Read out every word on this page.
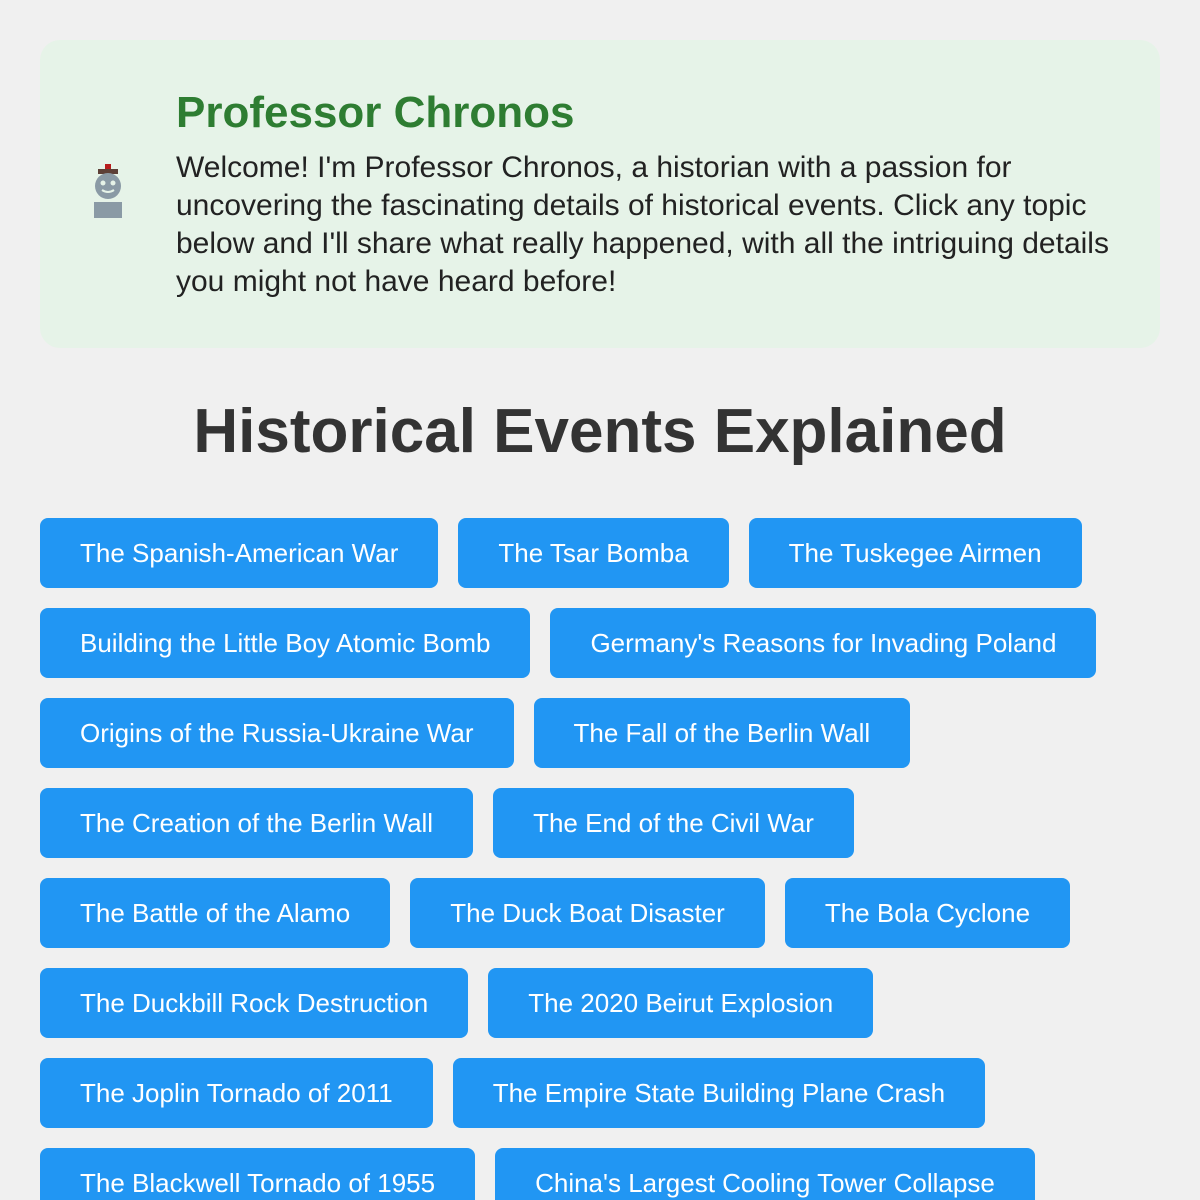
Professor Chronos

Welcome! I'm Professor Chronos, a historian with a passion for uncovering the fascinating details of historical events. Click any topic below and I'll share what really happened, with all the intriguing details you might not have heard before!

Historical Events Explained
The Spanish-American War	The Tsar Bomba	The Tuskegee Airmen
Building the Little Boy Atomic Bomb	Germany's Reasons for Invading Poland
Origins of the Russia-Ukraine War	The Fall of the Berlin Wall
The Creation of the Berlin Wall	The End of the Civil War
The Battle of the Alamo	The Duck Boat Disaster	The Bola Cyclone
The Duckbill Rock Destruction	The 2020 Beirut Explosion
The Joplin Tornado of 2011	The Empire State Building Plane Crash
The Blackwell Tornado of 1955	China's Largest Cooling Tower Collapse
